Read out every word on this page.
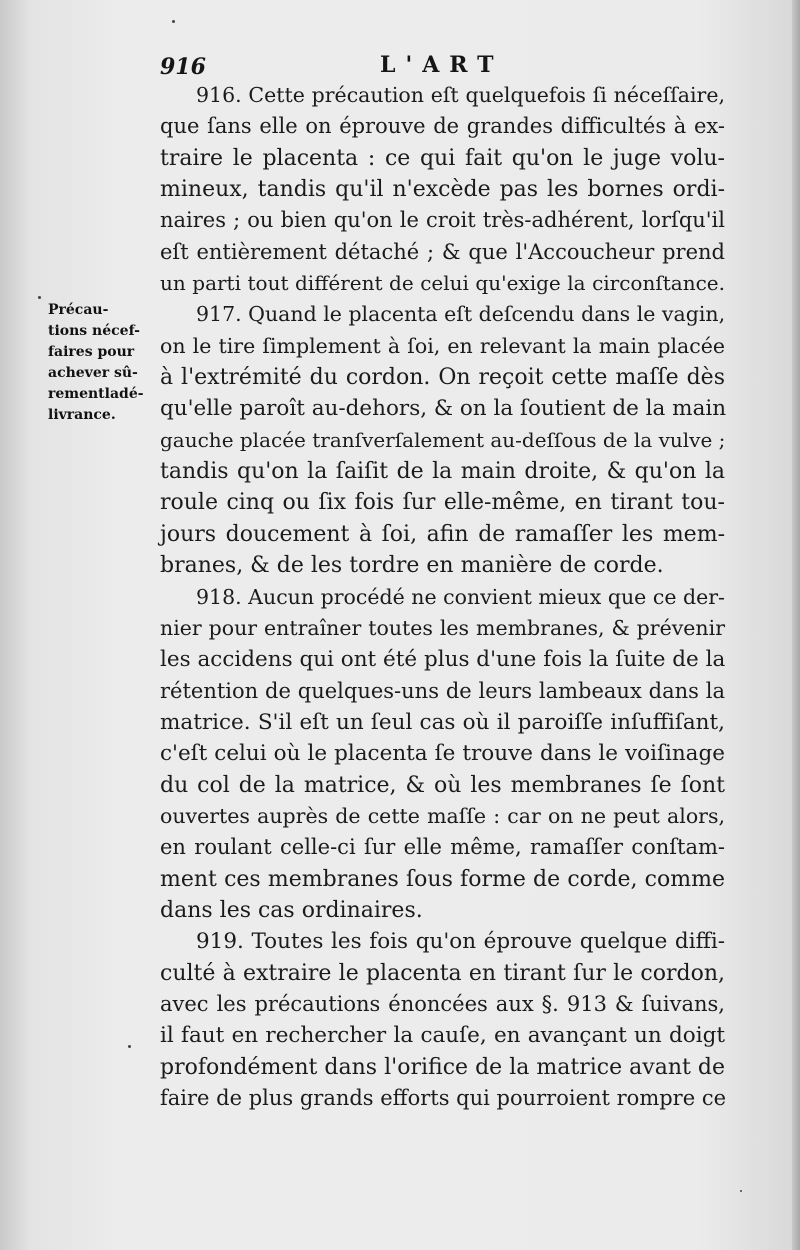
916	L'ART
Précau-
tions nécef-
faires pour
achever sû-
rementladé-
livrance.
916. Cette précaution eſt quelquefois ſi néceſſaire,
que ſans elle on éprouve de grandes difficultés à ex-
traire le placenta : ce qui fait qu'on le juge volu-
mineux, tandis qu'il n'excède pas les bornes ordi-
naires ; ou bien qu'on le croit très-adhérent, lorſqu'il
eſt entièrement détaché ; & que l'Accoucheur prend
un parti tout différent de celui qu'exige la circonſtance.
917. Quand le placenta eſt deſcendu dans le vagin,
on le tire ſimplement à ſoi, en relevant la main placée
à l'extrémité du cordon. On reçoit cette maſſe dès
qu'elle paroît au-dehors, & on la ſoutient de la main
gauche placée tranſverſalement au-deſſous de la vulve ;
tandis qu'on la ſaiſit de la main droite, & qu'on la
roule cinq ou ſix fois ſur elle-même, en tirant tou-
jours doucement à ſoi, afin de ramaſſer les mem-
branes, & de les tordre en manière de corde.
918. Aucun procédé ne convient mieux que ce der-
nier pour entraîner toutes les membranes, & prévenir
les accidens qui ont été plus d'une fois la ſuite de la
rétention de quelques-uns de leurs lambeaux dans la
matrice. S'il eſt un ſeul cas où il paroiſſe inſuffiſant,
c'eſt celui où le placenta ſe trouve dans le voiſinage
du col de la matrice, & où les membranes ſe ſont
ouvertes auprès de cette maſſe : car on ne peut alors,
en roulant celle-ci ſur elle même, ramaſſer conſtam-
ment ces membranes ſous forme de corde, comme
dans les cas ordinaires.
919. Toutes les fois qu'on éprouve quelque diffi-
culté à extraire le placenta en tirant ſur le cordon,
avec les précautions énoncées aux §. 913 & ſuivans,
il faut en rechercher la cauſe, en avançant un doigt
profondément dans l'orifice de la matrice avant de
faire de plus grands efforts qui pourroient rompre ce
